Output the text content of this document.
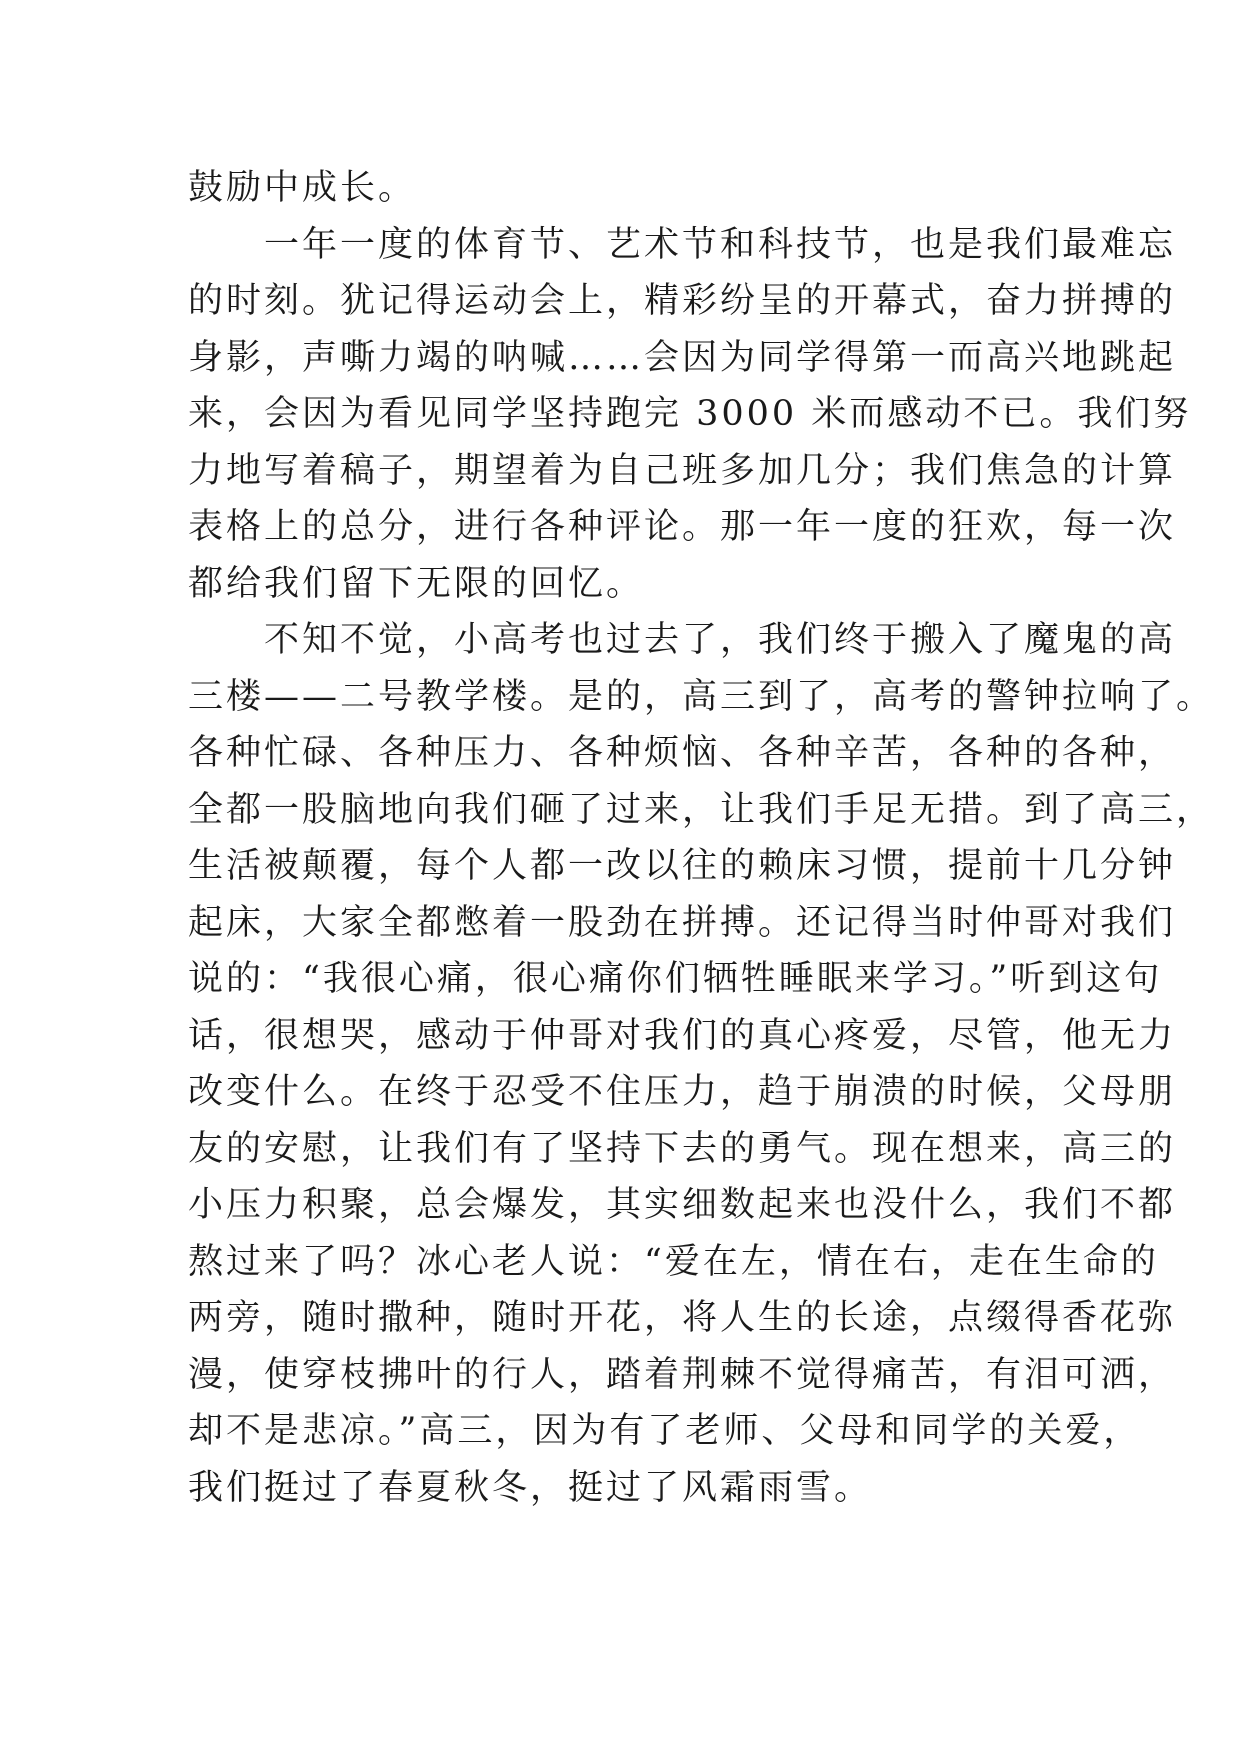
鼓励中成长。
一年一度的体育节、艺术节和科技节，也是我们最难忘
的时刻。犹记得运动会上，精彩纷呈的开幕式，奋力拼搏的
身影，声嘶力竭的呐喊……会因为同学得第一而高兴地跳起
来，会因为看见同学坚持跑完 3000 米而感动不已。我们努
力地写着稿子，期望着为自己班多加几分；我们焦急的计算
表格上的总分，进行各种评论。那一年一度的狂欢，每一次
都给我们留下无限的回忆。
不知不觉，小高考也过去了，我们终于搬入了魔鬼的高
三楼——二号教学楼。是的，高三到了，高考的警钟拉响了。
各种忙碌、各种压力、各种烦恼、各种辛苦，各种的各种，
全都一股脑地向我们砸了过来，让我们手足无措。到了高三，
生活被颠覆，每个人都一改以往的赖床习惯，提前十几分钟
起床，大家全都憋着一股劲在拼搏。还记得当时仲哥对我们
说的：“我很心痛，很心痛你们牺牲睡眠来学习。”听到这句
话，很想哭，感动于仲哥对我们的真心疼爱，尽管，他无力
改变什么。在终于忍受不住压力，趋于崩溃的时候，父母朋
友的安慰，让我们有了坚持下去的勇气。现在想来，高三的
小压力积聚，总会爆发，其实细数起来也没什么，我们不都
熬过来了吗？冰心老人说：“爱在左，情在右，走在生命的
两旁，随时撒种，随时开花，将人生的长途，点缀得香花弥
漫，使穿枝拂叶的行人，踏着荆棘不觉得痛苦，有泪可洒，
却不是悲凉。”高三，因为有了老师、父母和同学的关爱，
我们挺过了春夏秋冬，挺过了风霜雨雪。
